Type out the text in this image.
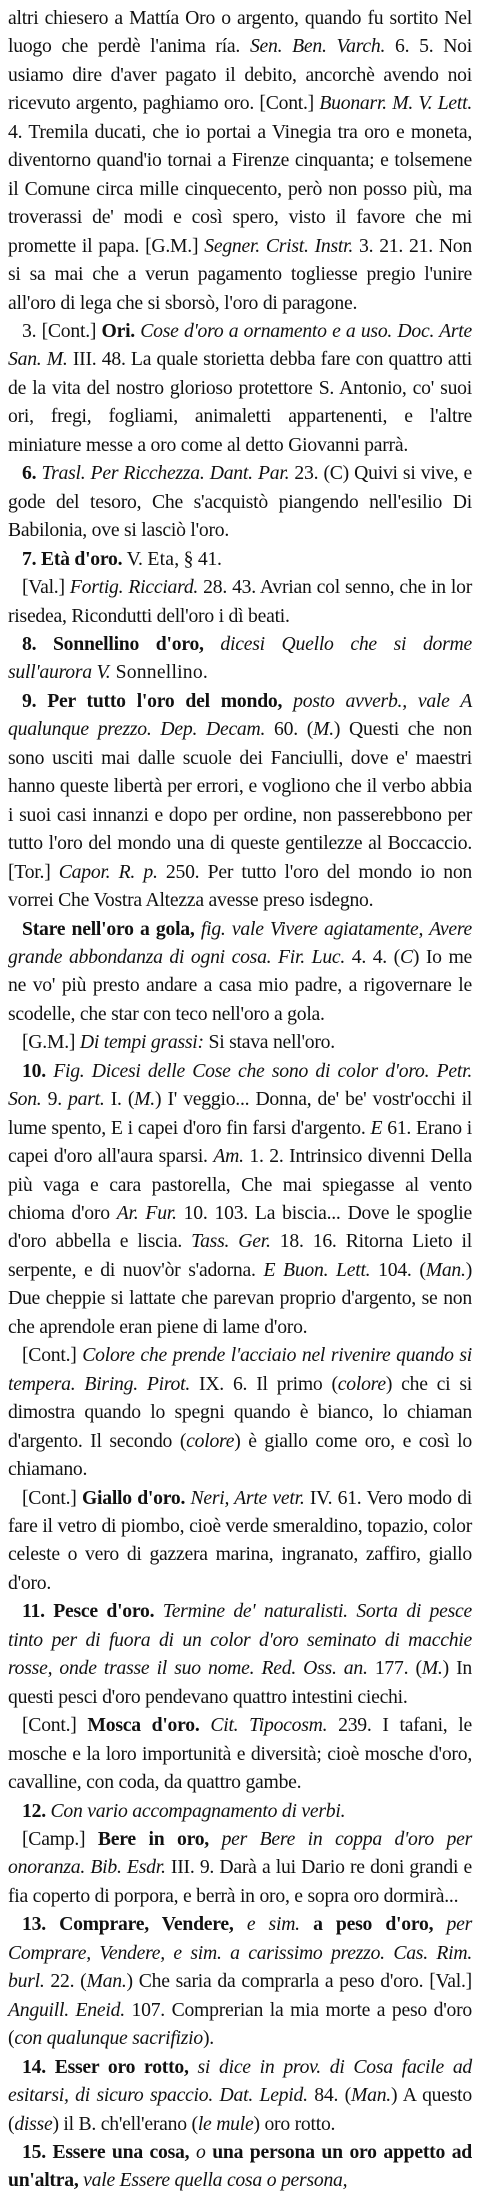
altri chiesero a Mattía Oro o argento, quando fu sortito Nel luogo che perdè l'anima ría. Sen. Ben. Varch. 6. 5. Noi usiamo dire d'aver pagato il debito, ancorchè avendo noi ricevuto argento, paghiamo oro. [Cont.] Buonarr. M. V. Lett. 4. Tremila ducati, che io portai a Vinegia tra oro e moneta, diventorno quand'io tornai a Firenze cinquanta; e tolsemene il Comune circa mille cinquecento, però non posso più, ma troverassi de' modi e così spero, visto il favore che mi promette il papa. [G.M.] Segner. Crist. Instr. 3. 21. 21. Non si sa mai che a verun pagamento togliesse pregio l'unire all'oro di lega che si sborsò, l'oro di paragone.

3. [Cont.] Ori. Cose d'oro a ornamento e a uso. Doc. Arte San. M. III. 48. La quale storietta debba fare con quattro atti de la vita del nostro glorioso protettore S. Antonio, co' suoi ori, fregi, fogliami, animaletti appartenenti, e l'altre miniature messe a oro come al detto Giovanni parrà.

6. Trasl. Per Ricchezza. Dant. Par. 23. (C) Quivi si vive, e gode del tesoro, Che s'acquistò piangendo nell'esilio Di Babilonia, ove si lasciò l'oro.

7. Età d'oro. V. Eta, § 41.

[Val.] Fortig. Ricciard. 28. 43. Avrian col senno, che in lor risedea, Ricondutti dell'oro i dì beati.

8. Sonnellino d'oro, dicesi Quello che si dorme sull'aurora V. Sonnellino.

9. Per tutto l'oro del mondo, posto avverb., vale A qualunque prezzo. Dep. Decam. 60. (M.) Questi che non sono usciti mai dalle scuole dei Fanciulli, dove e' maestri hanno queste libertà per errori, e vogliono che il verbo abbia i suoi casi innanzi e dopo per ordine, non passerebbono per tutto l'oro del mondo una di queste gentilezze al Boccaccio. [Tor.] Capor. R. p. 250. Per tutto l'oro del mondo io non vorrei Che Vostra Altezza avesse preso isdegno.

Stare nell'oro a gola, fig. vale Vivere agiatamente, Avere grande abbondanza di ogni cosa. Fir. Luc. 4. 4. (C) Io me ne vo' più presto andare a casa mio padre, a rigovernare le scodelle, che star con teco nell'oro a gola.

[G.M.] Di tempi grassi: Si stava nell'oro.

10. Fig. Dicesi delle Cose che sono di color d'oro. Petr. Son. 9. part. I. (M.) I' veggio... Donna, de' be' vostr'occhi il lume spento, E i capei d'oro fin farsi d'argento. E 61. Erano i capei d'oro all'aura sparsi. Am. 1. 2. Intrinsico divenni Della più vaga e cara pastorella, Che mai spiegasse al vento chioma d'oro Ar. Fur. 10. 103. La biscia... Dove le spoglie d'oro abbella e liscia. Tass. Ger. 18. 16. Ritorna Lieto il serpente, e di nuov'òr s'adorna. E Buon. Lett. 104. (Man.) Due cheppie si lattate che parevan proprio d'argento, se non che aprendole eran piene di lame d'oro.

[Cont.] Colore che prende l'acciaio nel rivenire quando si tempera. Biring. Pirot. IX. 6. Il primo (colore) che ci si dimostra quando lo spegni quando è bianco, lo chiaman d'argento. Il secondo (colore) è giallo come oro, e così lo chiamano.

[Cont.] Giallo d'oro. Neri, Arte vetr. IV. 61. Vero modo di fare il vetro di piombo, cioè verde smeraldino, topazio, color celeste o vero di gazzera marina, ingranato, zaffiro, giallo d'oro.

11. Pesce d'oro. Termine de' naturalisti. Sorta di pesce tinto per di fuora di un color d'oro seminato di macchie rosse, onde trasse il suo nome. Red. Oss. an. 177. (M.) In questi pesci d'oro pendevano quattro intestini ciechi.

[Cont.] Mosca d'oro. Cit. Tipocosm. 239. I tafani, le mosche e la loro importunità e diversità; cioè mosche d'oro, cavalline, con coda, da quattro gambe.

12. Con vario accompagnamento di verbi.

[Camp.] Bere in oro, per Bere in coppa d'oro per onoranza. Bib. Esdr. III. 9. Darà a lui Dario re doni grandi e fia coperto di porpora, e berrà in oro, e sopra oro dormirà...

13. Comprare, Vendere, e sim. a peso d'oro, per Comprare, Vendere, e sim. a carissimo prezzo. Cas. Rim. burl. 22. (Man.) Che saria da comprarla a peso d'oro. [Val.] Anguill. Eneid. 107. Comprerian la mia morte a peso d'oro (con qualunque sacrifizio).

14. Esser oro rotto, si dice in prov. di Cosa facile ad esitarsi, di sicuro spaccio. Dat. Lepid. 84. (Man.) A questo (disse) il B. ch'ell'erano (le mule) oro rotto.

15. Essere una cosa, o una persona un oro appetto ad un'altra, vale Essere quella cosa o persona,
